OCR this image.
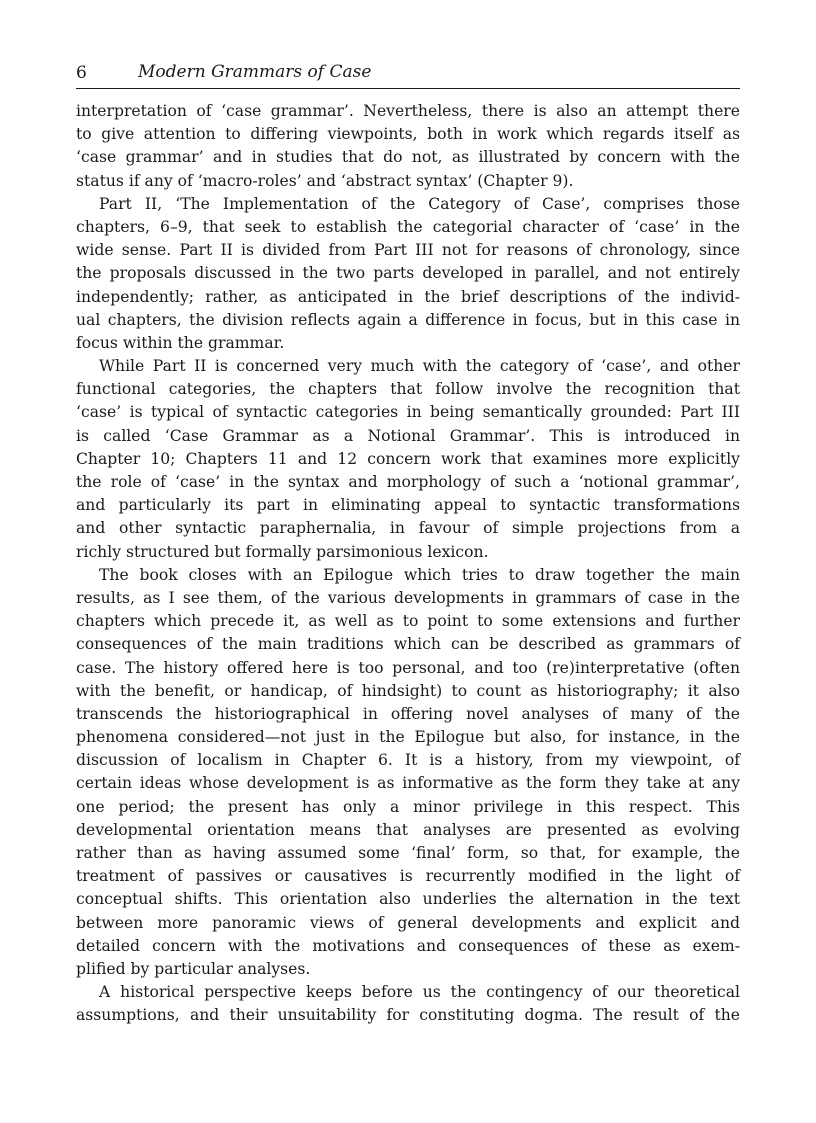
6	Modern Grammars of Case
interpretation of ‘case grammar’. Nevertheless, there is also an attempt there
to give attention to differing viewpoints, both in work which regards itself as
‘case grammar’ and in studies that do not, as illustrated by concern with the
status if any of ‘macro-roles’ and ‘abstract syntax’ (Chapter 9).
Part II, ‘The Implementation of the Category of Case’, comprises those
chapters, 6–9, that seek to establish the categorial character of ‘case’ in the
wide sense. Part II is divided from Part III not for reasons of chronology, since
the proposals discussed in the two parts developed in parallel, and not entirely
independently; rather, as anticipated in the brief descriptions of the individ-
ual chapters, the division reflects again a difference in focus, but in this case in
focus within the grammar.
While Part II is concerned very much with the category of ‘case’, and other
functional categories, the chapters that follow involve the recognition that
‘case’ is typical of syntactic categories in being semantically grounded: Part III
is called ‘Case Grammar as a Notional Grammar’. This is introduced in
Chapter 10; Chapters 11 and 12 concern work that examines more explicitly
the role of ‘case’ in the syntax and morphology of such a ‘notional grammar’,
and particularly its part in eliminating appeal to syntactic transformations
and other syntactic paraphernalia, in favour of simple projections from a
richly structured but formally parsimonious lexicon.
The book closes with an Epilogue which tries to draw together the main
results, as I see them, of the various developments in grammars of case in the
chapters which precede it, as well as to point to some extensions and further
consequences of the main traditions which can be described as grammars of
case. The history offered here is too personal, and too (re)interpretative (often
with the benefit, or handicap, of hindsight) to count as historiography; it also
transcends the historiographical in offering novel analyses of many of the
phenomena considered—not just in the Epilogue but also, for instance, in the
discussion of localism in Chapter 6. It is a history, from my viewpoint, of
certain ideas whose development is as informative as the form they take at any
one period; the present has only a minor privilege in this respect. This
developmental orientation means that analyses are presented as evolving
rather than as having assumed some ‘final’ form, so that, for example, the
treatment of passives or causatives is recurrently modified in the light of
conceptual shifts. This orientation also underlies the alternation in the text
between more panoramic views of general developments and explicit and
detailed concern with the motivations and consequences of these as exem-
plified by particular analyses.
A historical perspective keeps before us the contingency of our theoretical
assumptions, and their unsuitability for constituting dogma. The result of the
